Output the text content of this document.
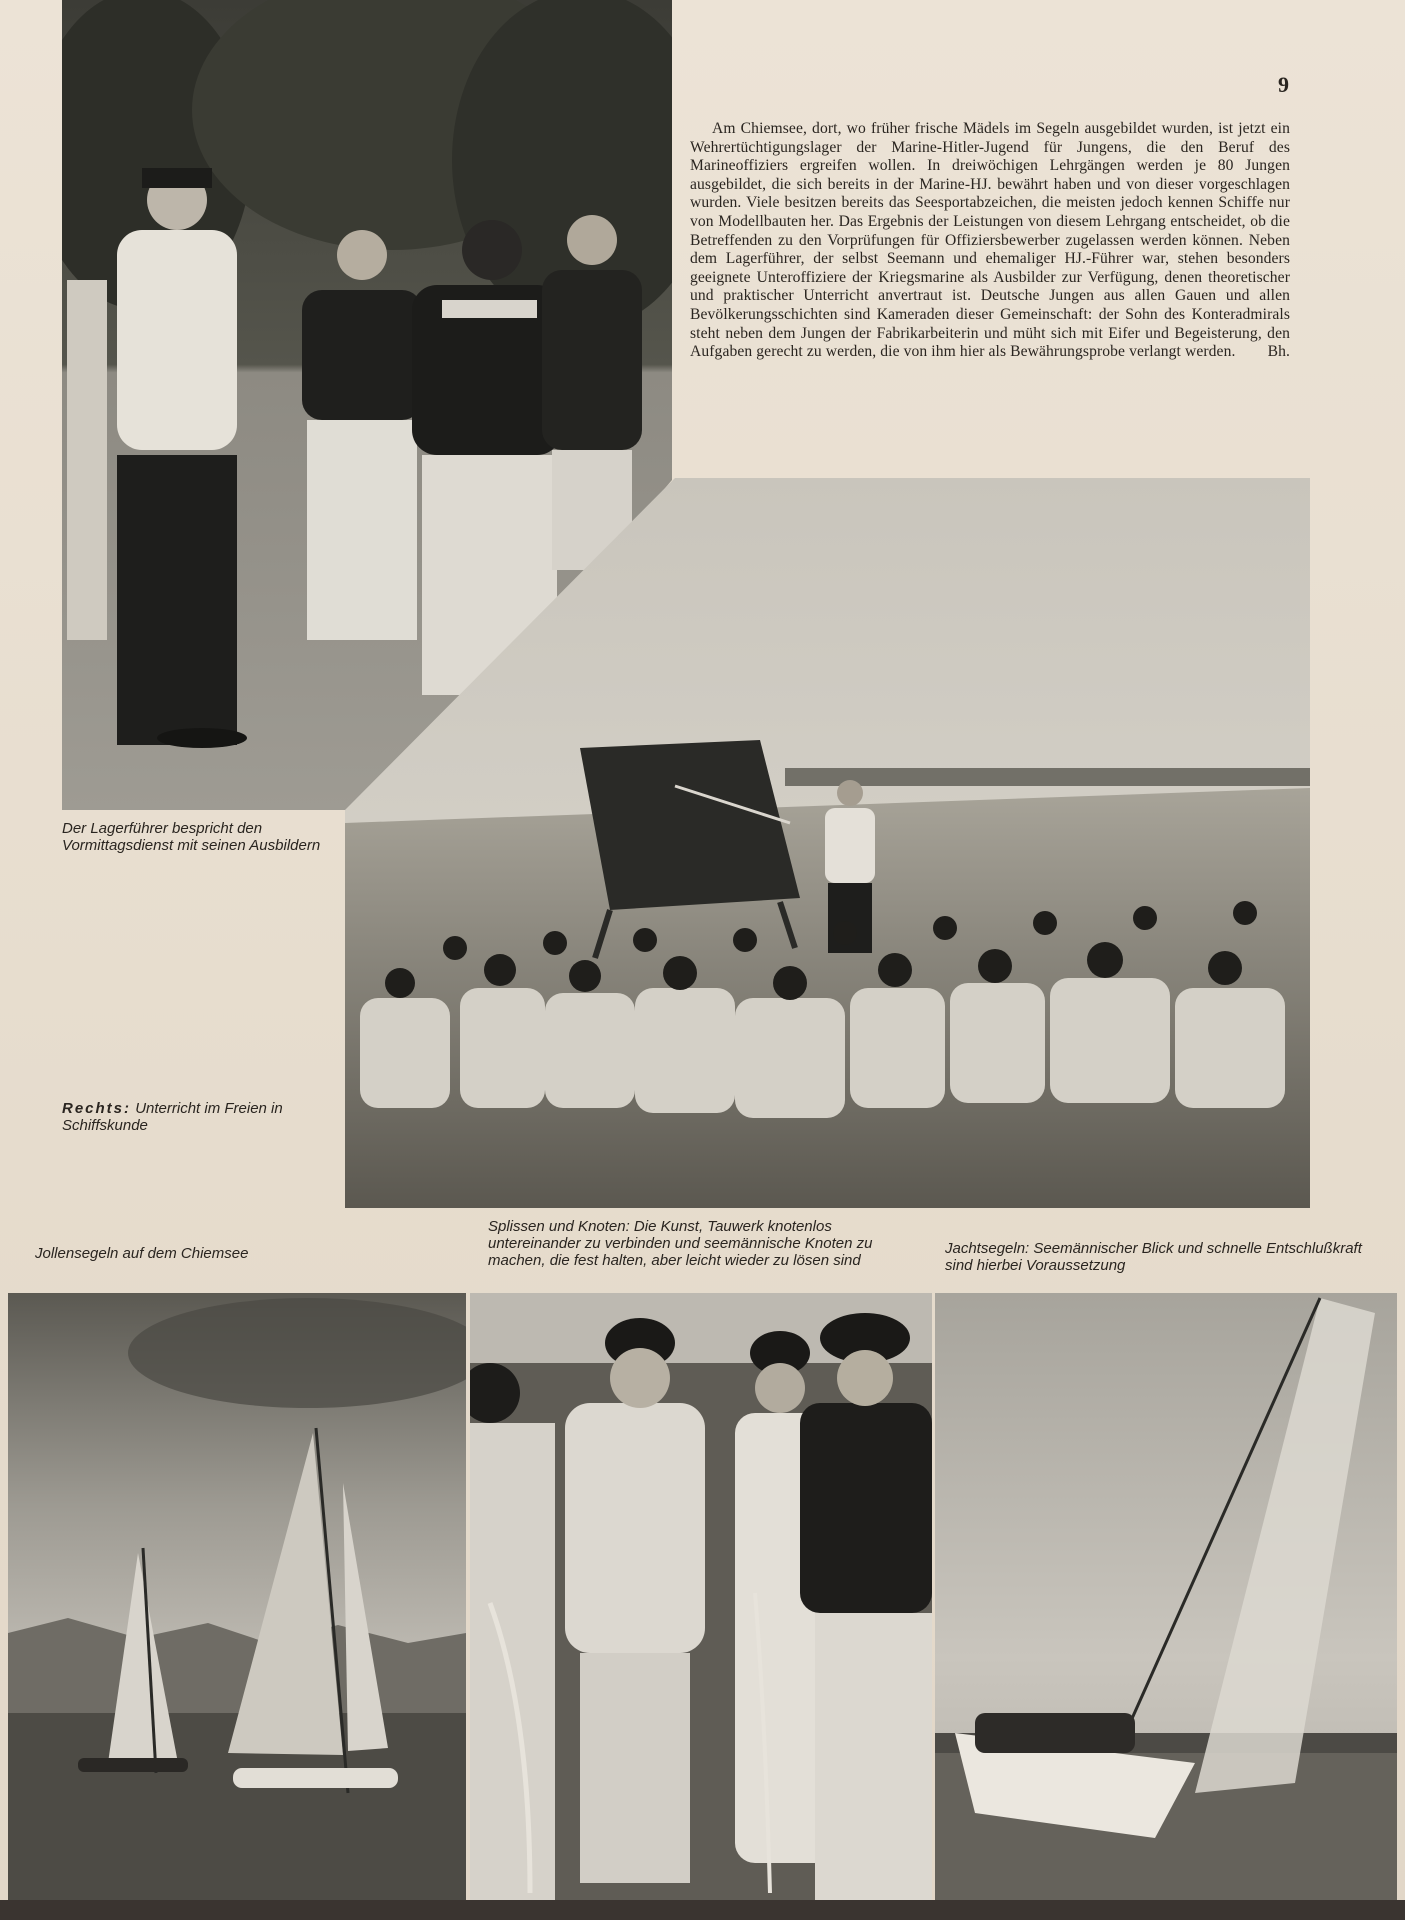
9
Am Chiemsee, dort, wo früher frische Mädels im Segeln ausgebildet wurden, ist jetzt ein Wehrertüchtigungslager der Marine-Hitler-Jugend für Jungens, die den Beruf des Marineoffiziers ergreifen wollen. In dreiwöchigen Lehrgängen werden je 80 Jungen ausgebildet, die sich bereits in der Marine-HJ. bewährt haben und von dieser vorgeschlagen wurden. Viele besitzen bereits das Seesportabzeichen, die meisten jedoch kennen Schiffe nur von Modellbauten her. Das Ergebnis der Leistungen von diesem Lehrgang entscheidet, ob die Betreffenden zu den Vorprüfungen für Offiziersbewerber zugelassen werden können. Neben dem Lagerführer, der selbst Seemann und ehemaliger HJ.-Führer war, stehen besonders geeignete Unteroffiziere der Kriegsmarine als Ausbilder zur Verfügung, denen theoretischer und praktischer Unterricht anvertraut ist. Deutsche Jungen aus allen Gauen und allen Bevölkerungsschichten sind Kameraden dieser Gemeinschaft: der Sohn des Konteradmirals steht neben dem Jungen der Fabrikarbeiterin und müht sich mit Eifer und Begeisterung, den Aufgaben gerecht zu werden, die von ihm hier als Bewährungsprobe verlangt werden. Bh.
Der Lagerführer bespricht den Vormittagsdienst mit seinen Ausbildern
Rechts: Unterricht im Freien in Schiffskunde
Jollensegeln auf dem Chiemsee
Splissen und Knoten: Die Kunst, Tauwerk knotenlos untereinander zu verbinden und seemännische Knoten zu machen, die fest halten, aber leicht wieder zu lösen sind
Jachtsegeln: Seemännischer Blick und schnelle Entschlußkraft sind hierbei Voraussetzung
